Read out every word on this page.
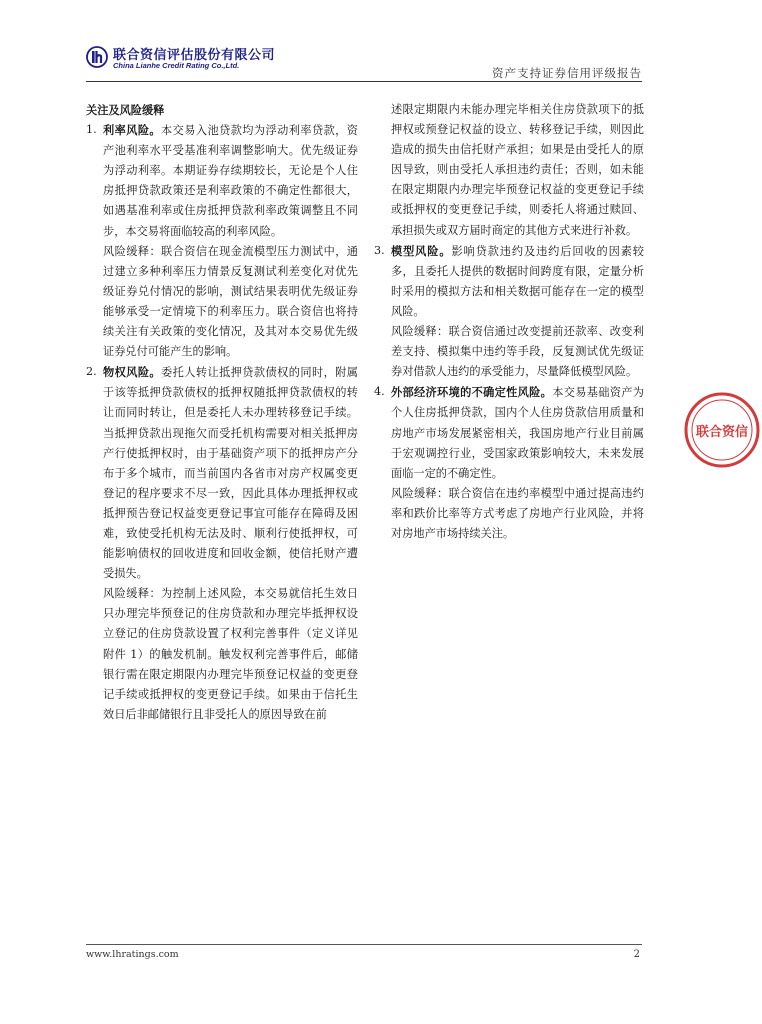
联合资信评估股份有限公司
China Lianhe Credit Rating Co.,Ltd.
资产支持证券信用评级报告
关注及风险缓释
1. 利率风险。本交易入池贷款均为浮动利率贷款，资产池利率水平受基准利率调整影响大。优先级证券为浮动利率。本期证券存续期较长，无论是个人住房抵押贷款政策还是利率政策的不确定性都很大，如遇基准利率或住房抵押贷款利率政策调整且不同步，本交易将面临较高的利率风险。

风险缓释：联合资信在现金流模型压力测试中，通过建立多种利率压力情景反复测试利差变化对优先级证券兑付情况的影响，测试结果表明优先级证券能够承受一定情境下的利率压力。联合资信也将持续关注有关政策的变化情况，及其对本交易优先级证券兑付可能产生的影响。

2. 物权风险。委托人转让抵押贷款债权的同时，附属于该等抵押贷款债权的抵押权随抵押贷款债权的转让而同时转让，但是委托人未办理转移登记手续。当抵押贷款出现拖欠而受托机构需要对相关抵押房产行使抵押权时，由于基础资产项下的抵押房产分布于多个城市，而当前国内各省市对房产权属变更登记的程序要求不尽一致，因此具体办理抵押权或抵押预告登记权益变更登记事宜可能存在障碍及困难，致使受托机构无法及时、顺利行使抵押权，可能影响债权的回收进度和回收金额，使信托财产遭受损失。

风险缓释：为控制上述风险，本交易就信托生效日只办理完毕预登记的住房贷款和办理完毕抵押权设立登记的住房贷款设置了权利完善事件（定义详见附件 1）的触发机制。触发权利完善事件后，邮储银行需在限定期限内办理完毕预登记权益的变更登记手续或抵押权的变更登记手续。如果由于信托生效日后非邮储银行且非受托人的原因导致在前

述限定期限内未能办理完毕相关住房贷款项下的抵押权或预登记权益的设立、转移登记手续，则因此造成的损失由信托财产承担；如果是由受托人的原因导致，则由受托人承担违约责任；否则，如未能在限定期限内办理完毕预登记权益的变更登记手续或抵押权的变更登记手续，则委托人将通过赎回、承担损失或双方届时商定的其他方式来进行补救。

3. 模型风险。影响贷款违约及违约后回收的因素较多，且委托人提供的数据时间跨度有限，定量分析时采用的模拟方法和相关数据可能存在一定的模型风险。

风险缓释：联合资信通过改变提前还款率、改变利差支持、模拟集中违约等手段，反复测试优先级证券对借款人违约的承受能力，尽量降低模型风险。

4. 外部经济环境的不确定性风险。本交易基础资产为个人住房抵押贷款，国内个人住房贷款信用质量和房地产市场发展紧密相关，我国房地产行业目前属于宏观调控行业，受国家政策影响较大，未来发展面临一定的不确定性。

风险缓释：联合资信在违约率模型中通过提高违约率和跌价比率等方式考虑了房地产行业风险，并将对房地产市场持续关注。

联合资信
www.lhratings.com	2
